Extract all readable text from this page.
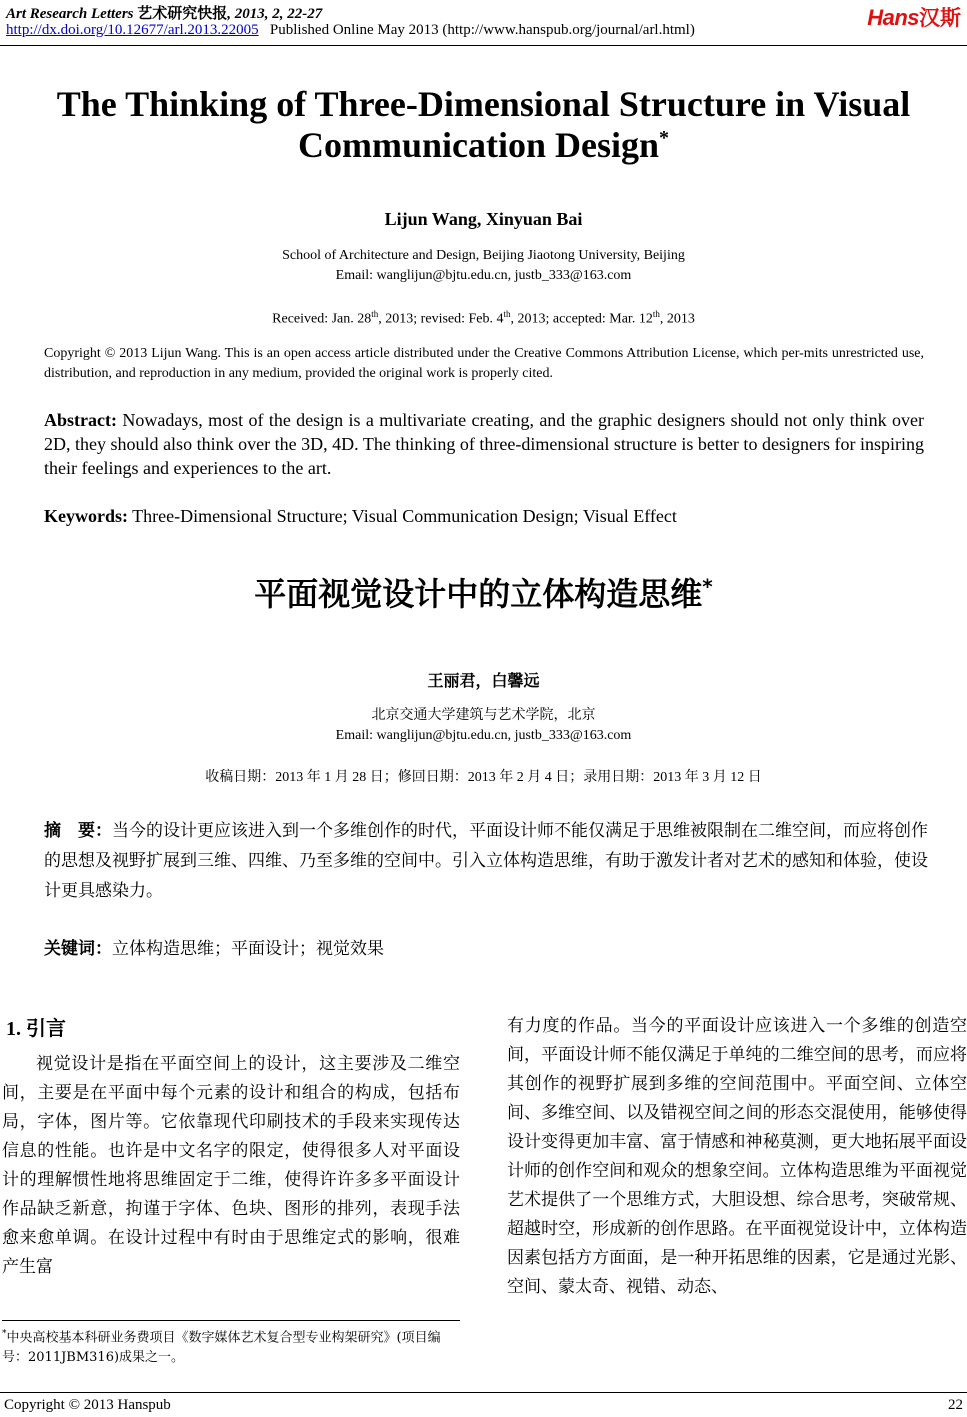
Art Research Letters 艺术研究快报, 2013, 2, 22-27
http://dx.doi.org/10.12677/arl.2013.22005 Published Online May 2013 (http://www.hanspub.org/journal/arl.html)	Hans汉斯
The Thinking of Three-Dimensional Structure in Visual
Communication Design*
Lijun Wang, Xinyuan Bai
School of Architecture and Design, Beijing Jiaotong University, Beijing
Email: wanglijun@bjtu.edu.cn, justb_333@163.com
Received: Jan. 28th, 2013; revised: Feb. 4th, 2013; accepted: Mar. 12th, 2013
Copyright © 2013 Lijun Wang. This is an open access article distributed under the Creative Commons Attribution License, which per-mits unrestricted use, distribution, and reproduction in any medium, provided the original work is properly cited.
Abstract: Nowadays, most of the design is a multivariate creating, and the graphic designers should not only think over 2D, they should also think over the 3D, 4D. The thinking of three-dimensional structure is better to designers for inspiring their feelings and experiences to the art.
Keywords: Three-Dimensional Structure; Visual Communication Design; Visual Effect
平面视觉设计中的立体构造思维*
王丽君，白馨远
北京交通大学建筑与艺术学院，北京
Email: wanglijun@bjtu.edu.cn, justb_333@163.com
收稿日期：2013 年 1 月 28 日；修回日期：2013 年 2 月 4 日；录用日期：2013 年 3 月 12 日
摘　要：当今的设计更应该进入到一个多维创作的时代，平面设计师不能仅满足于思维被限制在二维空间，而应将创作的思想及视野扩展到三维、四维、乃至多维的空间中。引入立体构造思维，有助于激发计者对艺术的感知和体验，使设计更具感染力。
关键词：立体构造思维；平面设计；视觉效果
1. 引言
视觉设计是指在平面空间上的设计，这主要涉及二维空间，主要是在平面中每个元素的设计和组合的构成，包括布局，字体，图片等。它依靠现代印刷技术的手段来实现传达信息的性能。也许是中文名字的限定，使得很多人对平面设计的理解惯性地将思维固定于二维，使得许许多多平面设计作品缺乏新意，拘谨于字体、色块、图形的排列，表现手法愈来愈单调。在设计过程中有时由于思维定式的影响，很难产生富
有力度的作品。当今的平面设计应该进入一个多维的创造空间，平面设计师不能仅满足于单纯的二维空间的思考，而应将其创作的视野扩展到多维的空间范围中。平面空间、立体空间、多维空间、以及错视空间之间的形态交混使用，能够使得设计变得更加丰富、富于情感和神秘莫测，更大地拓展平面设计师的创作空间和观众的想象空间。立体构造思维为平面视觉艺术提供了一个思维方式，大胆设想、综合思考，突破常规、超越时空，形成新的创作思路。在平面视觉设计中，立体构造因素包括方方面面，是一种开拓思维的因素，它是通过光影、空间、蒙太奇、视错、动态、
*中央高校基本科研业务费项目《数字媒体艺术复合型专业构架研究》(项目编号：2011JBM316)成果之一。
Copyright © 2013 Hanspub	22
